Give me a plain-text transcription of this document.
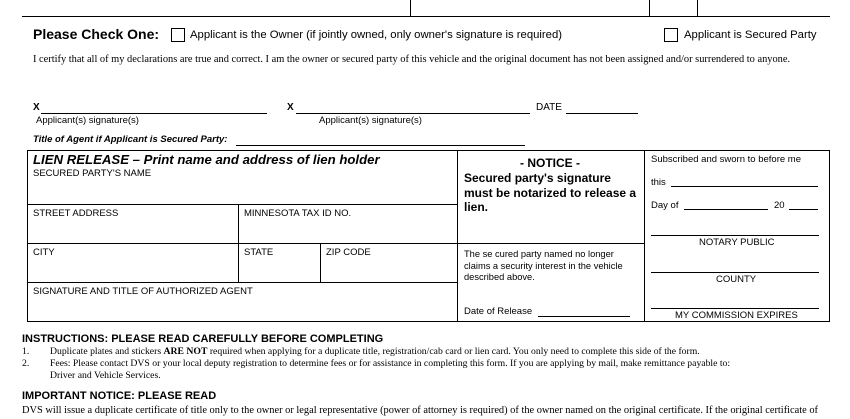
Please Check One:	Applicant is the Owner (if jointly owned, only owner's signature is required)	Applicant is Secured Party
I certify that all of my declarations are true and correct. I am the owner or secured party of this vehicle and the original document has not been assigned and/or surrendered to anyone.
X
Applicant(s) signature(s)
X
Applicant(s) signature(s)
DATE
Title of Agent if Applicant is Secured Party:
LIEN RELEASE – Print name and address of lien holder
SECURED PARTY'S NAME
STREET ADDRESS	MINNESOTA TAX ID NO.
CITY	STATE	ZIP CODE
SIGNATURE AND TITLE OF AUTHORIZED AGENT
- NOTICE -
Secured party's signature must be notarized to release a lien.
The se cured party named no longer claims a security interest in the vehicle described above.
Date of Release
Subscribed and sworn to before me
this
Day of	20
NOTARY PUBLIC
COUNTY
MY COMMISSION EXPIRES
INSTRUCTIONS: PLEASE READ CAREFULLY BEFORE COMPLETING
1. Duplicate plates and stickers ARE NOT required when applying for a duplicate title, registration/cab card or lien card. You only need to complete this side of the form.
2. Fees: Please contact DVS or your local deputy registration to determine fees or for assistance in completing this form. If you are applying by mail, make remittance payable to:
Driver and Vehicle Services.
IMPORTANT NOTICE: PLEASE READ
DVS will issue a duplicate certificate of title only to the owner or legal representative (power of attorney is required) of the owner named on the original certificate. If the original certificate of
